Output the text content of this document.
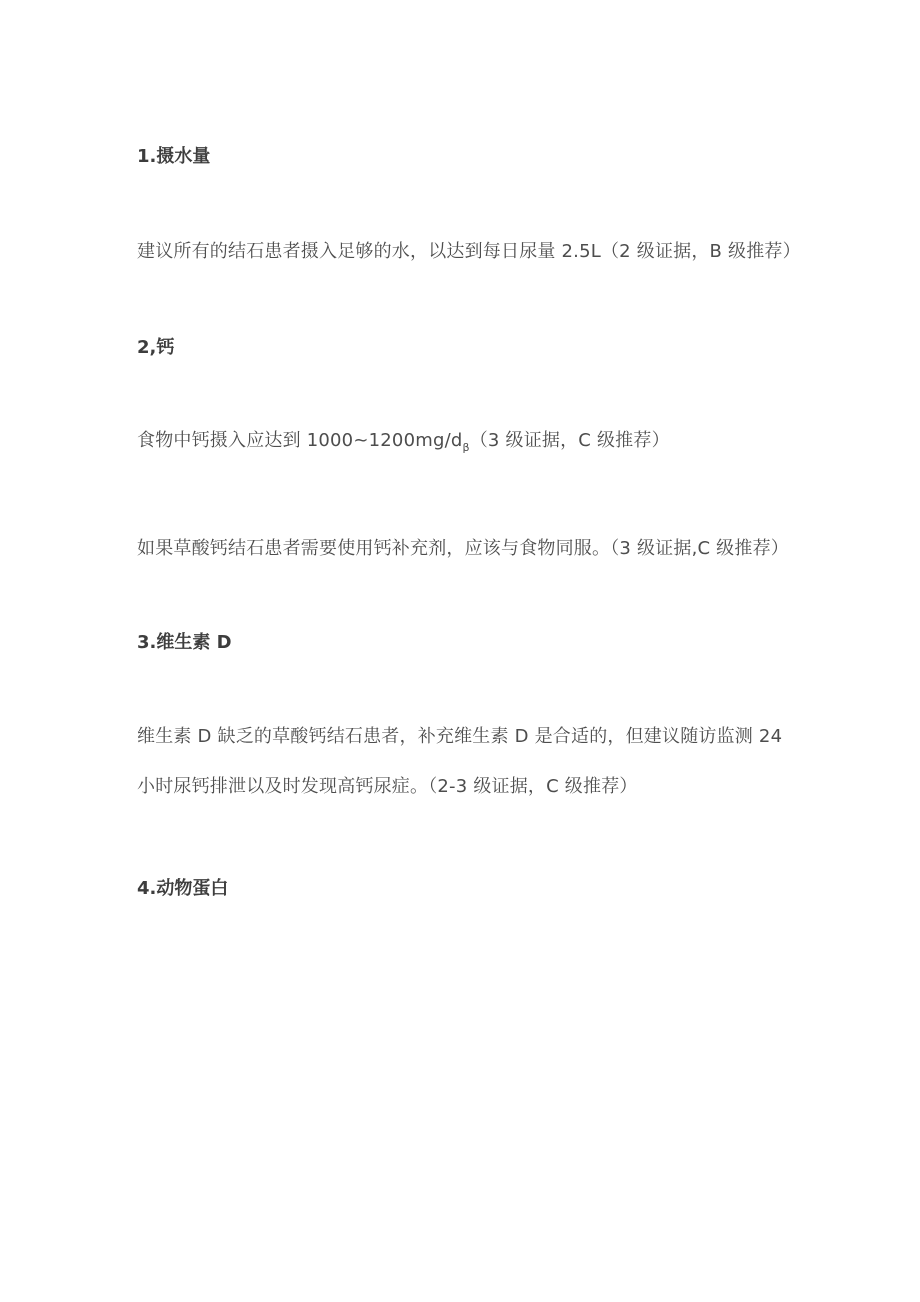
1.摄水量
建议所有的结石患者摄入足够的水，以达到每日尿量 2.5L（2 级证据，B 级推荐）
2,钙
食物中钙摄入应达到 $1000\sim 1200mg/d_\beta(3$ 级证据，C 级推荐）
如果草酸钙结石患者需要使用钙补充剂，应该与食物同服。（3 级证据,C 级推荐）
3.维生素 D
维生素 D 缺乏的草酸钙结石患者，补充维生素 D 是合适的，但建议随访监测 24
小时尿钙排泄以及时发现高钙尿症。（2-3 级证据，C 级推荐）
4.动物蛋白
